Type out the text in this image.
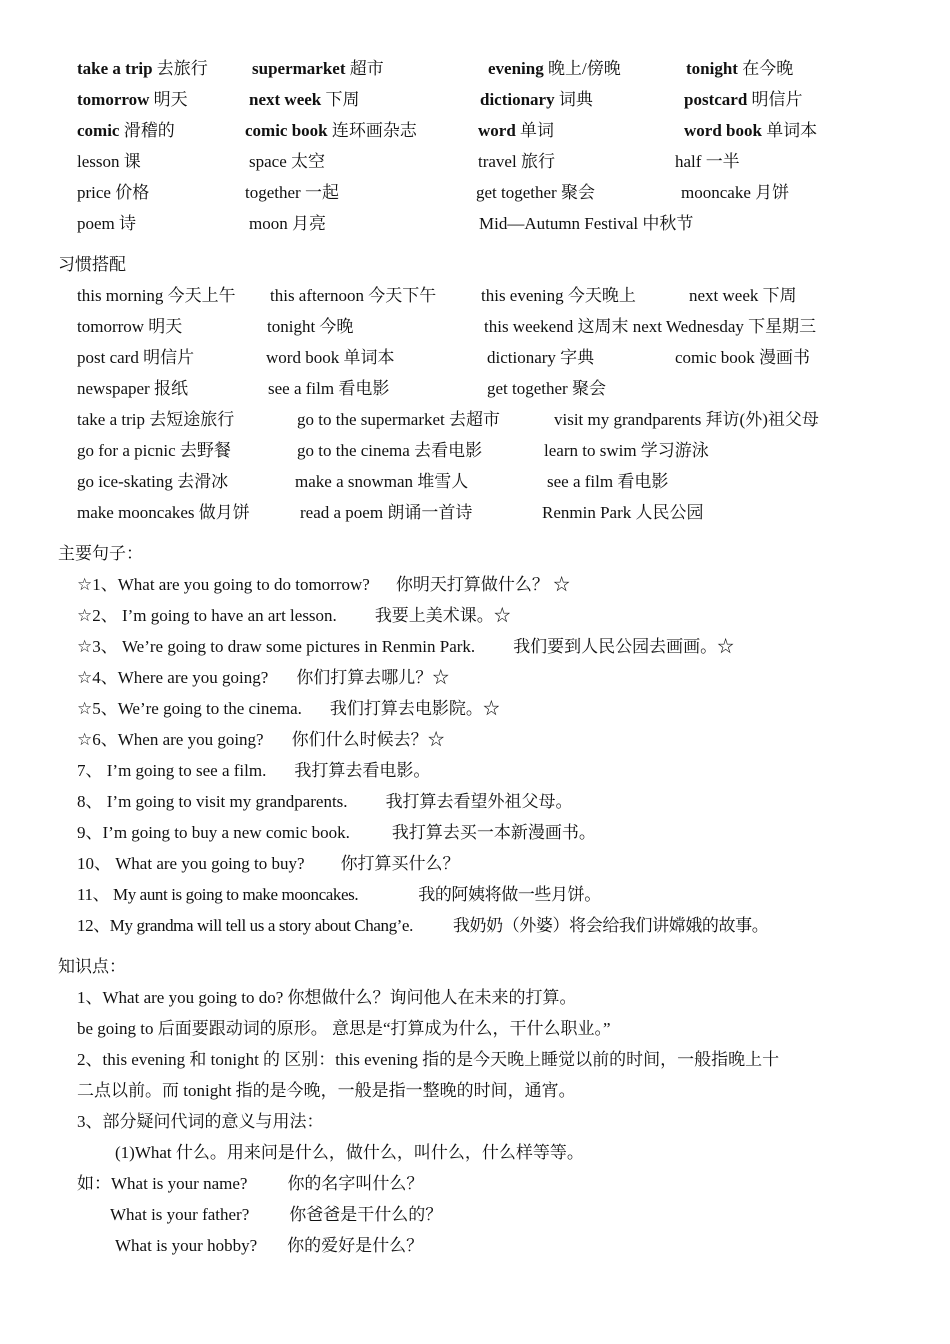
take a trip 去旅行	supermarket 超市	evening 晚上/傍晚	tonight 在今晚
tomorrow 明天	next week 下周	dictionary 词典	postcard 明信片
comic 滑稽的	comic book 连环画杂志	word 单词	word book 单词本
lesson 课	space 太空	travel 旅行	half 一半
price 价格	together 一起	get together 聚会	mooncake 月饼
poem 诗	moon 月亮	Mid—Autumn Festival 中秋节
习惯搭配
this morning 今天上午 this afternoon 今天下午	this evening 今天晚上	next week 下周
tomorrow 明天	tonight 今晚	this weekend 这周末 next Wednesday 下星期三
post card 明信片	word book 单词本	dictionary 字典	comic book 漫画书
newspaper 报纸	see a film 看电影	get together 聚会
take a trip 去短途旅行	go to the supermarket 去超市	visit my grandparents 拜访(外)祖父母
go for a picnic 去野餐	go to the cinema 去看电影	learn to swim 学习游泳
go ice-skating 去滑冰	make a snowman 堆雪人	see a film 看电影
make mooncakes 做月饼	read a poem 朗诵一首诗	Renmin Park 人民公园
主要句子：
☆1、What are you going to do tomorrow? 你明天打算做什么？ ☆
☆2、 I’m going to have an art lesson. 我要上美术课。☆
☆3、 We’re going to draw some pictures in Renmin Park. 我们要到人民公园去画画。☆
☆4、Where are you going? 你们打算去哪儿？☆
☆5、We’re going to the cinema. 我们打算去电影院。☆
☆6、When are you going? 你们什么时候去？☆
7、 I’m going to see a film. 我打算去看电影。
8、 I’m going to visit my grandparents. 我打算去看望外祖父母。
9、I’m going to buy a new comic book. 我打算去买一本新漫画书。
10、 What are you going to buy? 你打算买什么？
11、 My aunt is going to make mooncakes.	我的阿姨将做一些月饼。
12、My grandma will tell us a story about Chang’e. 我奶奶（外婆）将会给我们讲嫦娥的故事。
知识点：
1、What are you going to do? 你想做什么？询问他人在未来的打算。
be going to 后面要跟动词的原形。 意思是“打算成为什么，干什么职业。”
2、this evening 和 tonight 的 区别：this evening 指的是今天晚上睡觉以前的时间，一般指晚上十
二点以前。而 tonight 指的是今晚，一般是指一整晚的时间，通宵。
3、部分疑问代词的意义与用法：
(1)What 什么。用来问是什么，做什么，叫什么，什么样等等。
如：What is your name? 你的名字叫什么？
What is your father? 你爸爸是干什么的？
What is your hobby? 你的爱好是什么？
